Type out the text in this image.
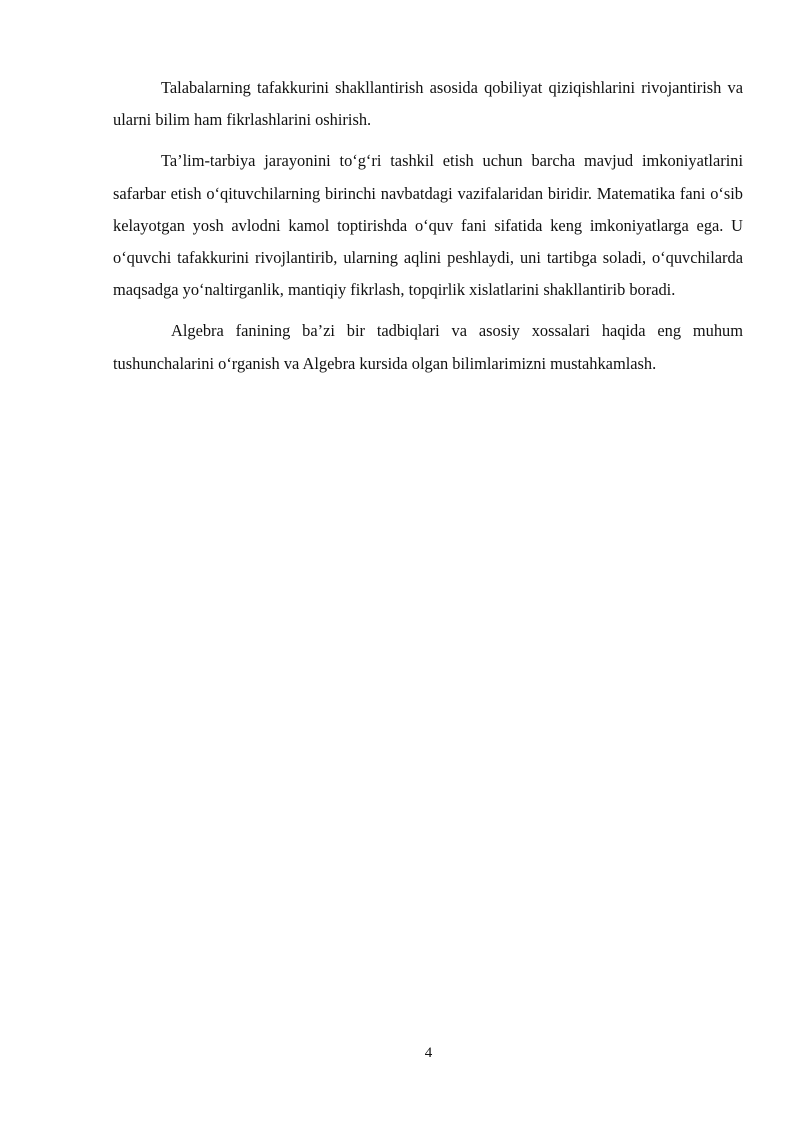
Talabalarning tafakkurini shakllantirish asosida qobiliyat qiziqishlarini rivojantirish va ularni bilim ham fikrlashlarini oshirish.

Ta’lim-tarbiya jarayonini to‘g‘ri tashkil etish uchun barcha mavjud imkoniyatlarini safarbar etish o‘qituvchilarning birinchi navbatdagi vazifalaridan biridir. Matematika fani o‘sib kelayotgan yosh avlodni kamol toptirishda o‘quv fani sifatida keng imkoniyatlarga ega. U o‘quvchi tafakkurini rivojlantirib, ularning aqlini peshlaydi, uni tartibga soladi, o‘quvchilarda maqsadga yo‘naltirganlik, mantiqiy fikrlash, topqirlik xislatlarini shakllantirib boradi.

Algebra fanining ba’zi bir tadbiqlari va asosiy xossalari haqida eng muhum tushunchalarini o‘rganish va Algebra kursida olgan bilimlarimizni mustahkamlash.

4
